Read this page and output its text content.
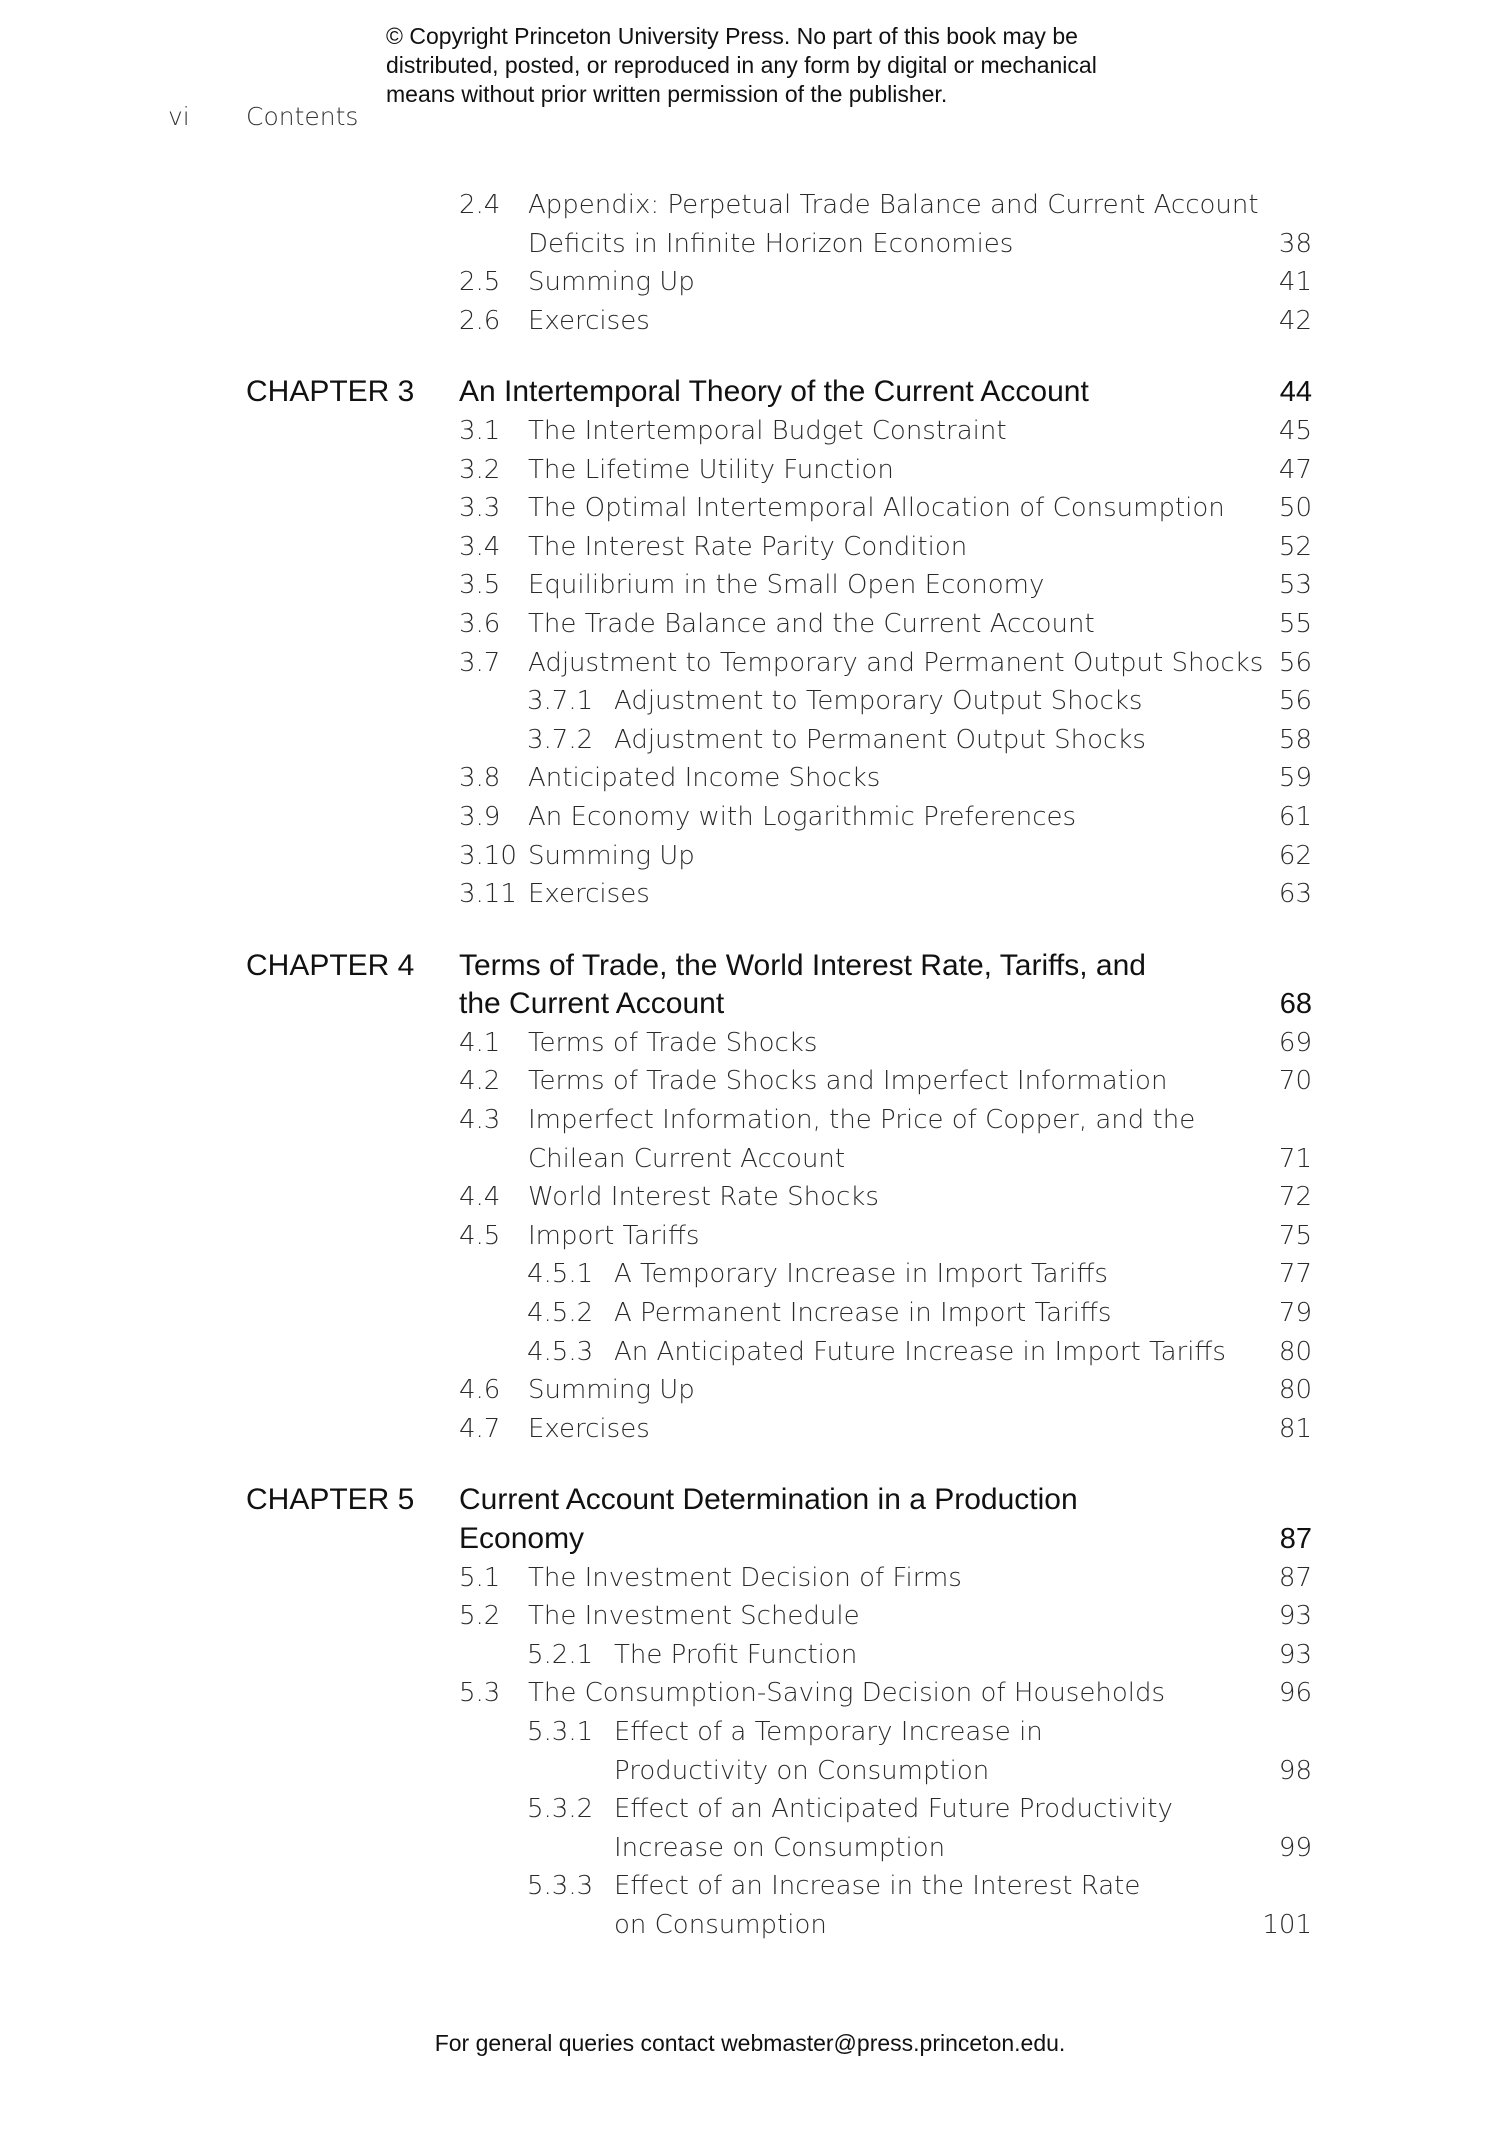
© Copyright Princeton University Press. No part of this book may be
distributed, posted, or reproduced in any form by digital or mechanical
means without prior written permission of the publisher.
vi Contents
2.4 Appendix: Perpetual Trade Balance and Current Account
Deficits in Infinite Horizon Economies	38
2.5 Summing Up	41
2.6 Exercises	42
CHAPTER 3 An Intertemporal Theory of the Current Account	44
3.1 The Intertemporal Budget Constraint	45
3.2 The Lifetime Utility Function	47
3.3 The Optimal Intertemporal Allocation of Consumption 50
3.4 The Interest Rate Parity Condition	52
3.5 Equilibrium in the Small Open Economy	53
3.6 The Trade Balance and the Current Account	55
3.7 Adjustment to Temporary and Permanent Output Shocks 56
3.7.1 Adjustment to Temporary Output Shocks	56
3.7.2 Adjustment to Permanent Output Shocks	58
3.8 Anticipated Income Shocks	59
3.9 An Economy with Logarithmic Preferences	61
3.10 Summing Up	62
3.11 Exercises	63
CHAPTER 4 Terms of Trade, the World Interest Rate, Tariffs, and
the Current Account	68
4.1 Terms of Trade Shocks	69
4.2 Terms of Trade Shocks and Imperfect Information	70
4.3 Imperfect Information, the Price of Copper, and the
Chilean Current Account	71
4.4 World Interest Rate Shocks	72
4.5 Import Tariffs	75
4.5.1 A Temporary Increase in Import Tariffs	77
4.5.2 A Permanent Increase in Import Tariffs	79
4.5.3 An Anticipated Future Increase in Import Tariffs 80
4.6 Summing Up	80
4.7 Exercises	81
CHAPTER 5 Current Account Determination in a Production
Economy	87
5.1 The Investment Decision of Firms	87
5.2 The Investment Schedule	93
5.2.1 The Profit Function	93
5.3 The Consumption-Saving Decision of Households	96
5.3.1 Effect of a Temporary Increase in
Productivity on Consumption	98
5.3.2 Effect of an Anticipated Future Productivity
Increase on Consumption	99
5.3.3 Effect of an Increase in the Interest Rate
on Consumption	101
For general queries contact webmaster@press.princeton.edu.
